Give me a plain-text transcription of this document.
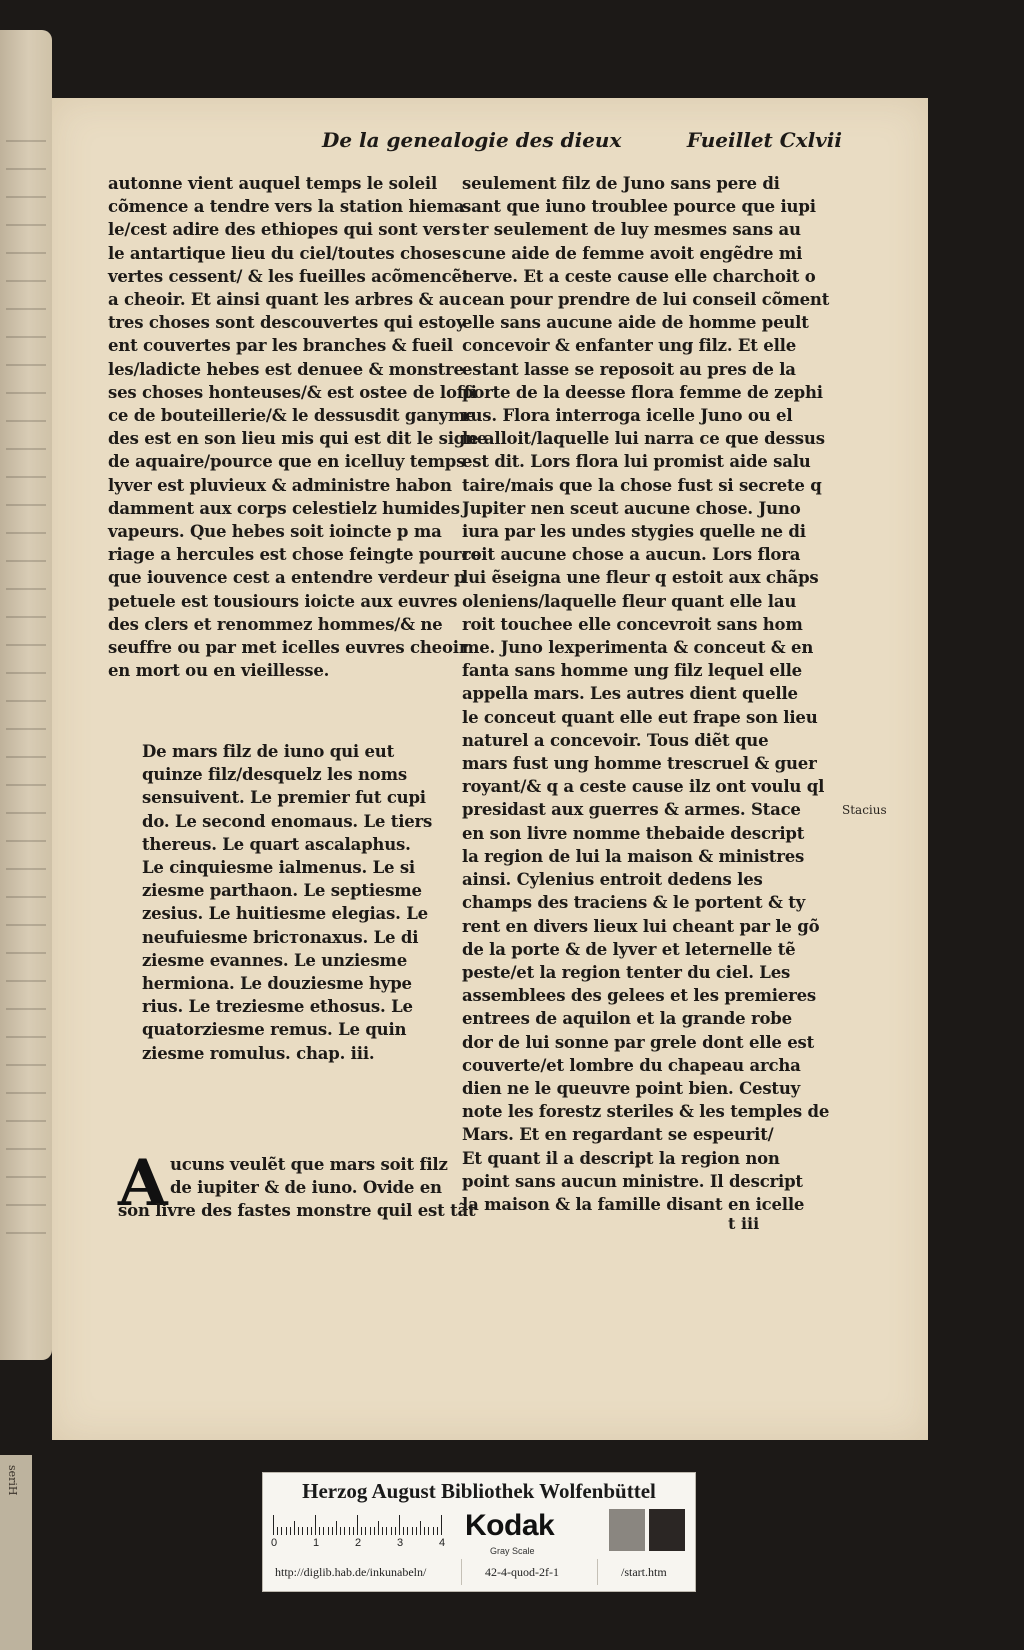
seriH
De la genealogie des dieux	Fueillet Cxlvii
autonne vient auquel temps le soleil
cõmence a tendre vers la station hiema
le/cest adire des ethiopes qui sont vers
le antartique lieu du ciel/toutes choses
vertes cessent/ & les fueilles acõmencẽt
a cheoir. Et ainsi quant les arbres & au
tres choses sont descouvertes qui estoy
ent couvertes par les branches & fueil
les/ladicte hebes est denuee & monstre
ses choses honteuses/& est ostee de loffi
ce de bouteillerie/& le dessusdit ganyme
des est en son lieu mis qui est dit le signe
de aquaire/pource que en icelluy temps
lyver est pluvieux & administre habon
damment aux corps celestielz humides
vapeurs. Que hebes soit ioincte p ma
riage a hercules est chose feingte pource
que iouvence cest a entendre verdeur p
petuele est tousiours ioicte aux euvres
des clers et renommez hommes/& ne
seuffre ou par met icelles euvres cheoir
en mort ou en vieillesse.
De mars filz de iuno qui eut
quinze filz/desquelz les noms
sensuivent. Le premier fut cupi
do. Le second enomaus. Le tiers
thereus. Le quart ascalaphus.
Le cinquiesme ialmenus. Le si
ziesme parthaon. Le septiesme
zesius. Le huitiesme elegias. Le
neufuiesme bricтonaxus. Le di
ziesme evannes. Le unziesme
hermiona. Le douziesme hype
rius. Le treziesme ethosus. Le
quatorziesme remus. Le quin
ziesme romulus. chap. iii.
A ucuns veulẽt que mars soit filz
de iupiter & de iuno. Ovide en
son livre des fastes monstre quil est tãt
seulement filz de Juno sans pere di
sant que iuno troublee pource que iupi
ter seulement de luy mesmes sans au
cune aide de femme avoit engẽdre mi
nerve. Et a ceste cause elle charchoit o
cean pour prendre de lui conseil cõment
elle sans aucune aide de homme peult
concevoir & enfanter ung filz. Et elle
estant lasse se reposoit au pres de la
porte de la deesse flora femme de zephi
rus. Flora interroga icelle Juno ou el
le alloit/laquelle lui narra ce que dessus
est dit. Lors flora lui promist aide salu
taire/mais que la chose fust si secrete q
Jupiter nen sceut aucune chose. Juno
iura par les undes stygies quelle ne di
roit aucune chose a aucun. Lors flora
lui ẽseigna une fleur q estoit aux chãps
oleniens/laquelle fleur quant elle lau
roit touchee elle concevroit sans hom
me. Juno lexperimenta & conceut & en
fanta sans homme ung filz lequel elle
appella mars. Les autres dient quelle
le conceut quant elle eut frape son lieu
naturel a concevoir. Tous diẽt que
mars fust ung homme trescruel & guer
royant/& q a ceste cause ilz ont voulu ql
presidast aux guerres & armes. Stace
en son livre nomme thebaide descript
la region de lui la maison & ministres
ainsi. Cylenius entroit dedens les
champs des traciens & le portent & ty
rent en divers lieux lui cheant par le gõ
de la porte & de lyver et leternelle tẽ
peste/et la region tenter du ciel. Les
assemblees des gelees et les premieres
entrees de aquilon et la grande robe
dor de lui sonne par grele dont elle est
couverte/et lombre du chapeau archa
dien ne le queuvre point bien. Cestuy
note les forestz steriles & les temples de
Mars. Et en regardant se espeurit/
Et quant il a descript la region non
point sans aucun ministre. Il descript
la maison & la famille disant en icelle
Stacius
t iii
Herzog August Bibliothek Wolfenbüttel
0	1	2	3	4
Kodak
Gray Scale
http://diglib.hab.de/inkunabeln/	42-4-quod-2f-1	/start.htm
